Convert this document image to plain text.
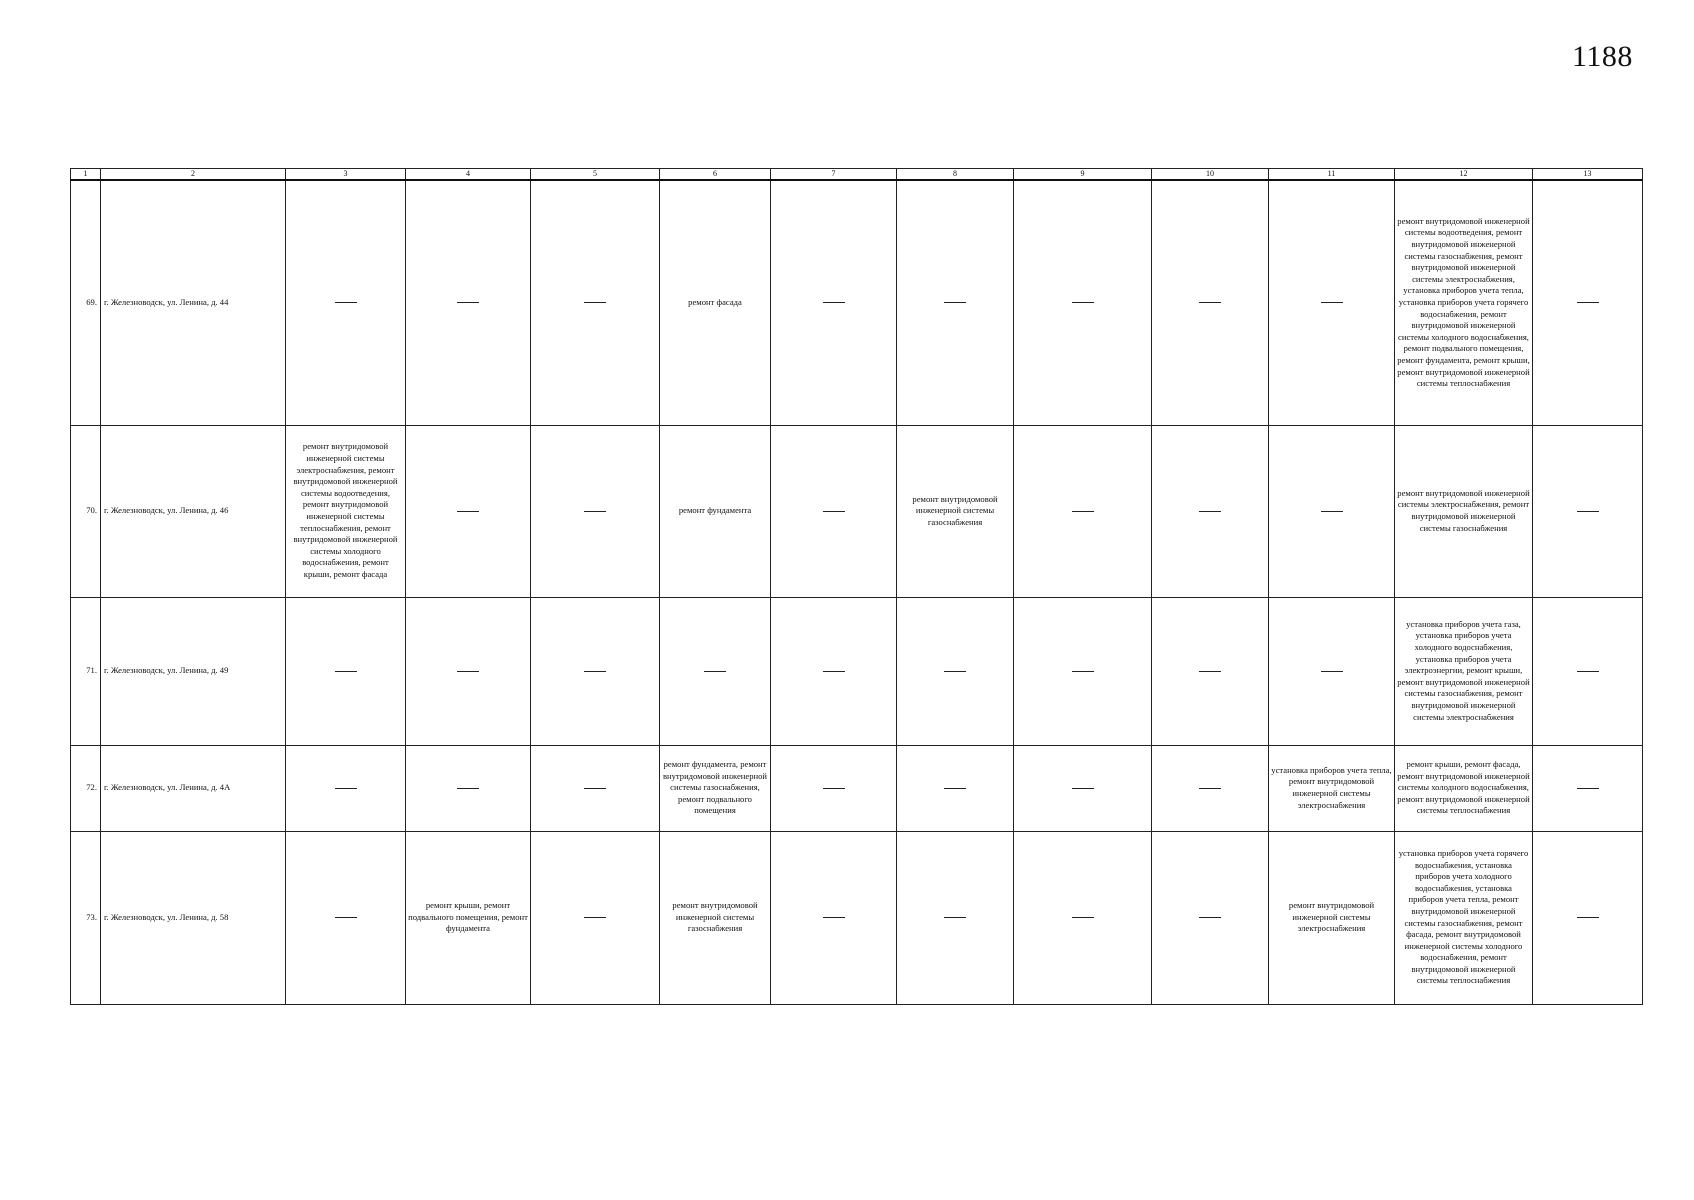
1188
1	2	3	4	5	6	7	8	9	10	11	12	13
69.	г. Железноводск, ул. Ленина, д. 44				ремонт фасада						ремонт внутридомовой инженерной системы водоотведения, ремонт внутридомовой инженерной системы газоснабжения, ремонт внутридомовой инженерной системы электроснабжения, установка приборов учета тепла, установка приборов учета горячего водоснабжения, ремонт внутридомовой инженерной системы холодного водоснабжения, ремонт подвального помещения, ремонт фундамента, ремонт крыши, ремонт внутридомовой инженерной системы теплоснабжения	
70.	г. Железноводск, ул. Ленина, д. 46	ремонт внутридомовой инженерной системы электроснабжения, ремонт внутридомовой инженерной системы водоотведения, ремонт внутридомовой инженерной системы теплоснабжения, ремонт внутридомовой инженерной системы холодного водоснабжения, ремонт крыши, ремонт фасада			ремонт фундамента		ремонт внутридомовой инженерной системы газоснабжения				ремонт внутридомовой инженерной системы электроснабжения, ремонт внутридомовой инженерной системы газоснабжения	
71.	г. Железноводск, ул. Ленина, д. 49										установка приборов учета газа, установка приборов учета холодного водоснабжения, установка приборов учета электроэнергии, ремонт крыши, ремонт внутридомовой инженерной системы газоснабжения, ремонт внутридомовой инженерной системы электроснабжения	
72.	г. Железноводск, ул. Ленина, д. 4А				ремонт фундамента, ремонт внутридомовой инженерной системы газоснабжения, ремонт подвального помещения					установка приборов учета тепла, ремонт внутридомовой инженерной системы электроснабжения	ремонт крыши, ремонт фасада, ремонт внутридомовой инженерной системы холодного водоснабжения, ремонт внутридомовой инженерной системы теплоснабжения	
73.	г. Железноводск, ул. Ленина, д. 58		ремонт крыши, ремонт подвального помещения, ремонт фундамента		ремонт внутридомовой инженерной системы газоснабжения					ремонт внутридомовой инженерной системы электроснабжения	установка приборов учета горячего водоснабжения, установка приборов учета холодного водоснабжения, установка приборов учета тепла, ремонт внутридомовой инженерной системы газоснабжения, ремонт фасада, ремонт внутридомовой инженерной системы холодного водоснабжения, ремонт внутридомовой инженерной системы теплоснабжения	
